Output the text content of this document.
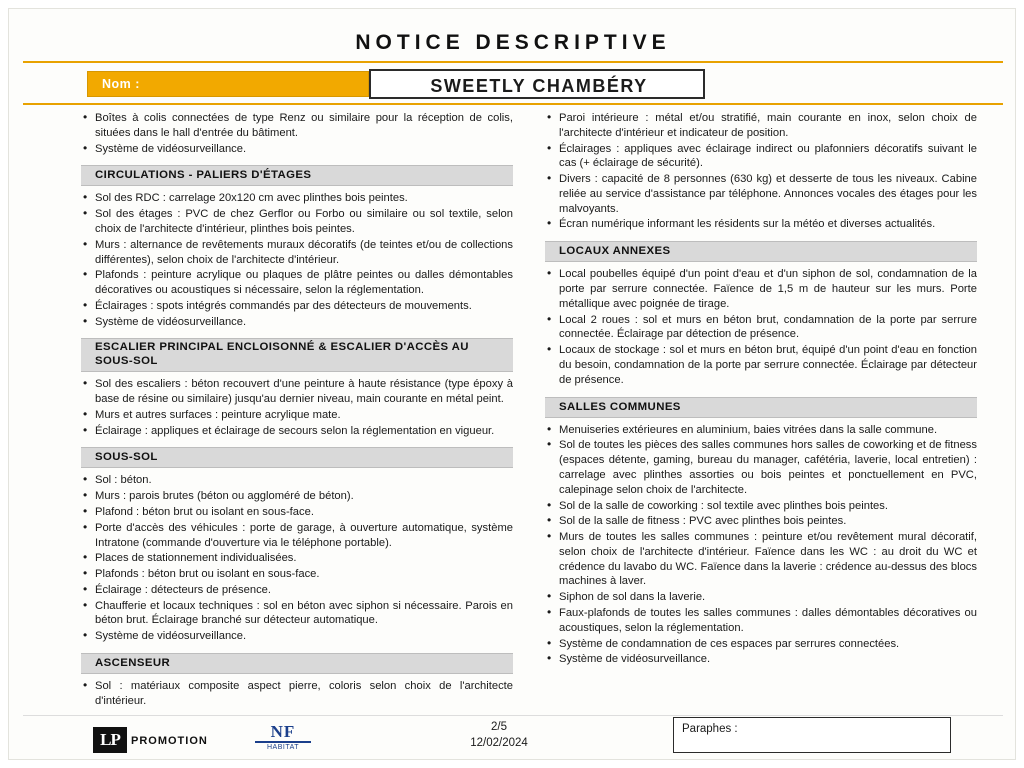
NOTICE DESCRIPTIVE
Nom :	SWEETLY CHAMBÉRY
• Boîtes à colis connectées de type Renz ou similaire pour la réception de colis, situées dans le hall d'entrée du bâtiment.
• Système de vidéosurveillance.
CIRCULATIONS - PALIERS D'ÉTAGES
• Sol des RDC : carrelage 20x120 cm avec plinthes bois peintes.
• Sol des étages : PVC de chez Gerflor ou Forbo ou similaire ou sol textile, selon choix de l'architecte d'intérieur, plinthes bois peintes.
• Murs : alternance de revêtements muraux décoratifs (de teintes et/ou de collections différentes), selon choix de l'architecte d'intérieur.
• Plafonds : peinture acrylique ou plaques de plâtre peintes ou dalles démontables décoratives ou acoustiques si nécessaire, selon la réglementation.
• Éclairages : spots intégrés commandés par des détecteurs de mouvements.
• Système de vidéosurveillance.
ESCALIER PRINCIPAL ENCLOISONNÉ & ESCALIER D'ACCÈS AU SOUS-SOL
• Sol des escaliers : béton recouvert d'une peinture à haute résistance (type époxy à base de résine ou similaire) jusqu'au dernier niveau, main courante en métal peint.
• Murs et autres surfaces : peinture acrylique mate.
• Éclairage : appliques et éclairage de secours selon la réglementation en vigueur.
SOUS-SOL
• Sol : béton.
• Murs : parois brutes (béton ou aggloméré de béton).
• Plafond : béton brut ou isolant en sous-face.
• Porte d'accès des véhicules : porte de garage, à ouverture automatique, système Intratone (commande d'ouverture via le téléphone portable).
• Places de stationnement individualisées.
• Plafonds : béton brut ou isolant en sous-face.
• Éclairage : détecteurs de présence.
• Chaufferie et locaux techniques : sol en béton avec siphon si nécessaire. Parois en béton brut. Éclairage branché sur détecteur automatique.
• Système de vidéosurveillance.
ASCENSEUR
• Sol : matériaux composite aspect pierre, coloris selon choix de l'architecte d'intérieur.
• Paroi intérieure : métal et/ou stratifié, main courante en inox, selon choix de l'architecte d'intérieur et indicateur de position.
• Éclairages : appliques avec éclairage indirect ou plafonniers décoratifs suivant le cas (+ éclairage de sécurité).
• Divers : capacité de 8 personnes (630 kg) et desserte de tous les niveaux. Cabine reliée au service d'assistance par téléphone. Annonces vocales des étages pour les malvoyants.
• Écran numérique informant les résidents sur la météo et diverses actualités.
LOCAUX ANNEXES
• Local poubelles équipé d'un point d'eau et d'un siphon de sol, condamnation de la porte par serrure connectée. Faïence de 1,5 m de hauteur sur les murs. Porte métallique avec poignée de tirage.
• Local 2 roues : sol et murs en béton brut, condamnation de la porte par serrure connectée. Éclairage par détection de présence.
• Locaux de stockage : sol et murs en béton brut, équipé d'un point d'eau en fonction du besoin, condamnation de la porte par serrure connectée. Éclairage par détecteur de présence.
SALLES COMMUNES
• Menuiseries extérieures en aluminium, baies vitrées dans la salle commune.
• Sol de toutes les pièces des salles communes hors salles de coworking et de fitness (espaces détente, gaming, bureau du manager, cafétéria, laverie, local entretien) : carrelage avec plinthes assorties ou bois peintes et ponctuellement en PVC, calepinage selon choix de l'architecte.
• Sol de la salle de coworking : sol textile avec plinthes bois peintes.
• Sol de la salle de fitness : PVC avec plinthes bois peintes.
• Murs de toutes les salles communes : peinture et/ou revêtement mural décoratif, selon choix de l'architecte d'intérieur. Faïence dans les WC : au droit du WC et crédence du lavabo du WC. Faïence dans la laverie : crédence au-dessus des blocs machines à laver.
• Siphon de sol dans la laverie.
• Faux-plafonds de toutes les salles communes : dalles démontables décoratives ou acoustiques, selon la réglementation.
• Système de condamnation de ces espaces par serrures connectées.
• Système de vidéosurveillance.
LP	PROMOTION	NF
HABITAT
2/5
12/02/2024
Paraphes :
